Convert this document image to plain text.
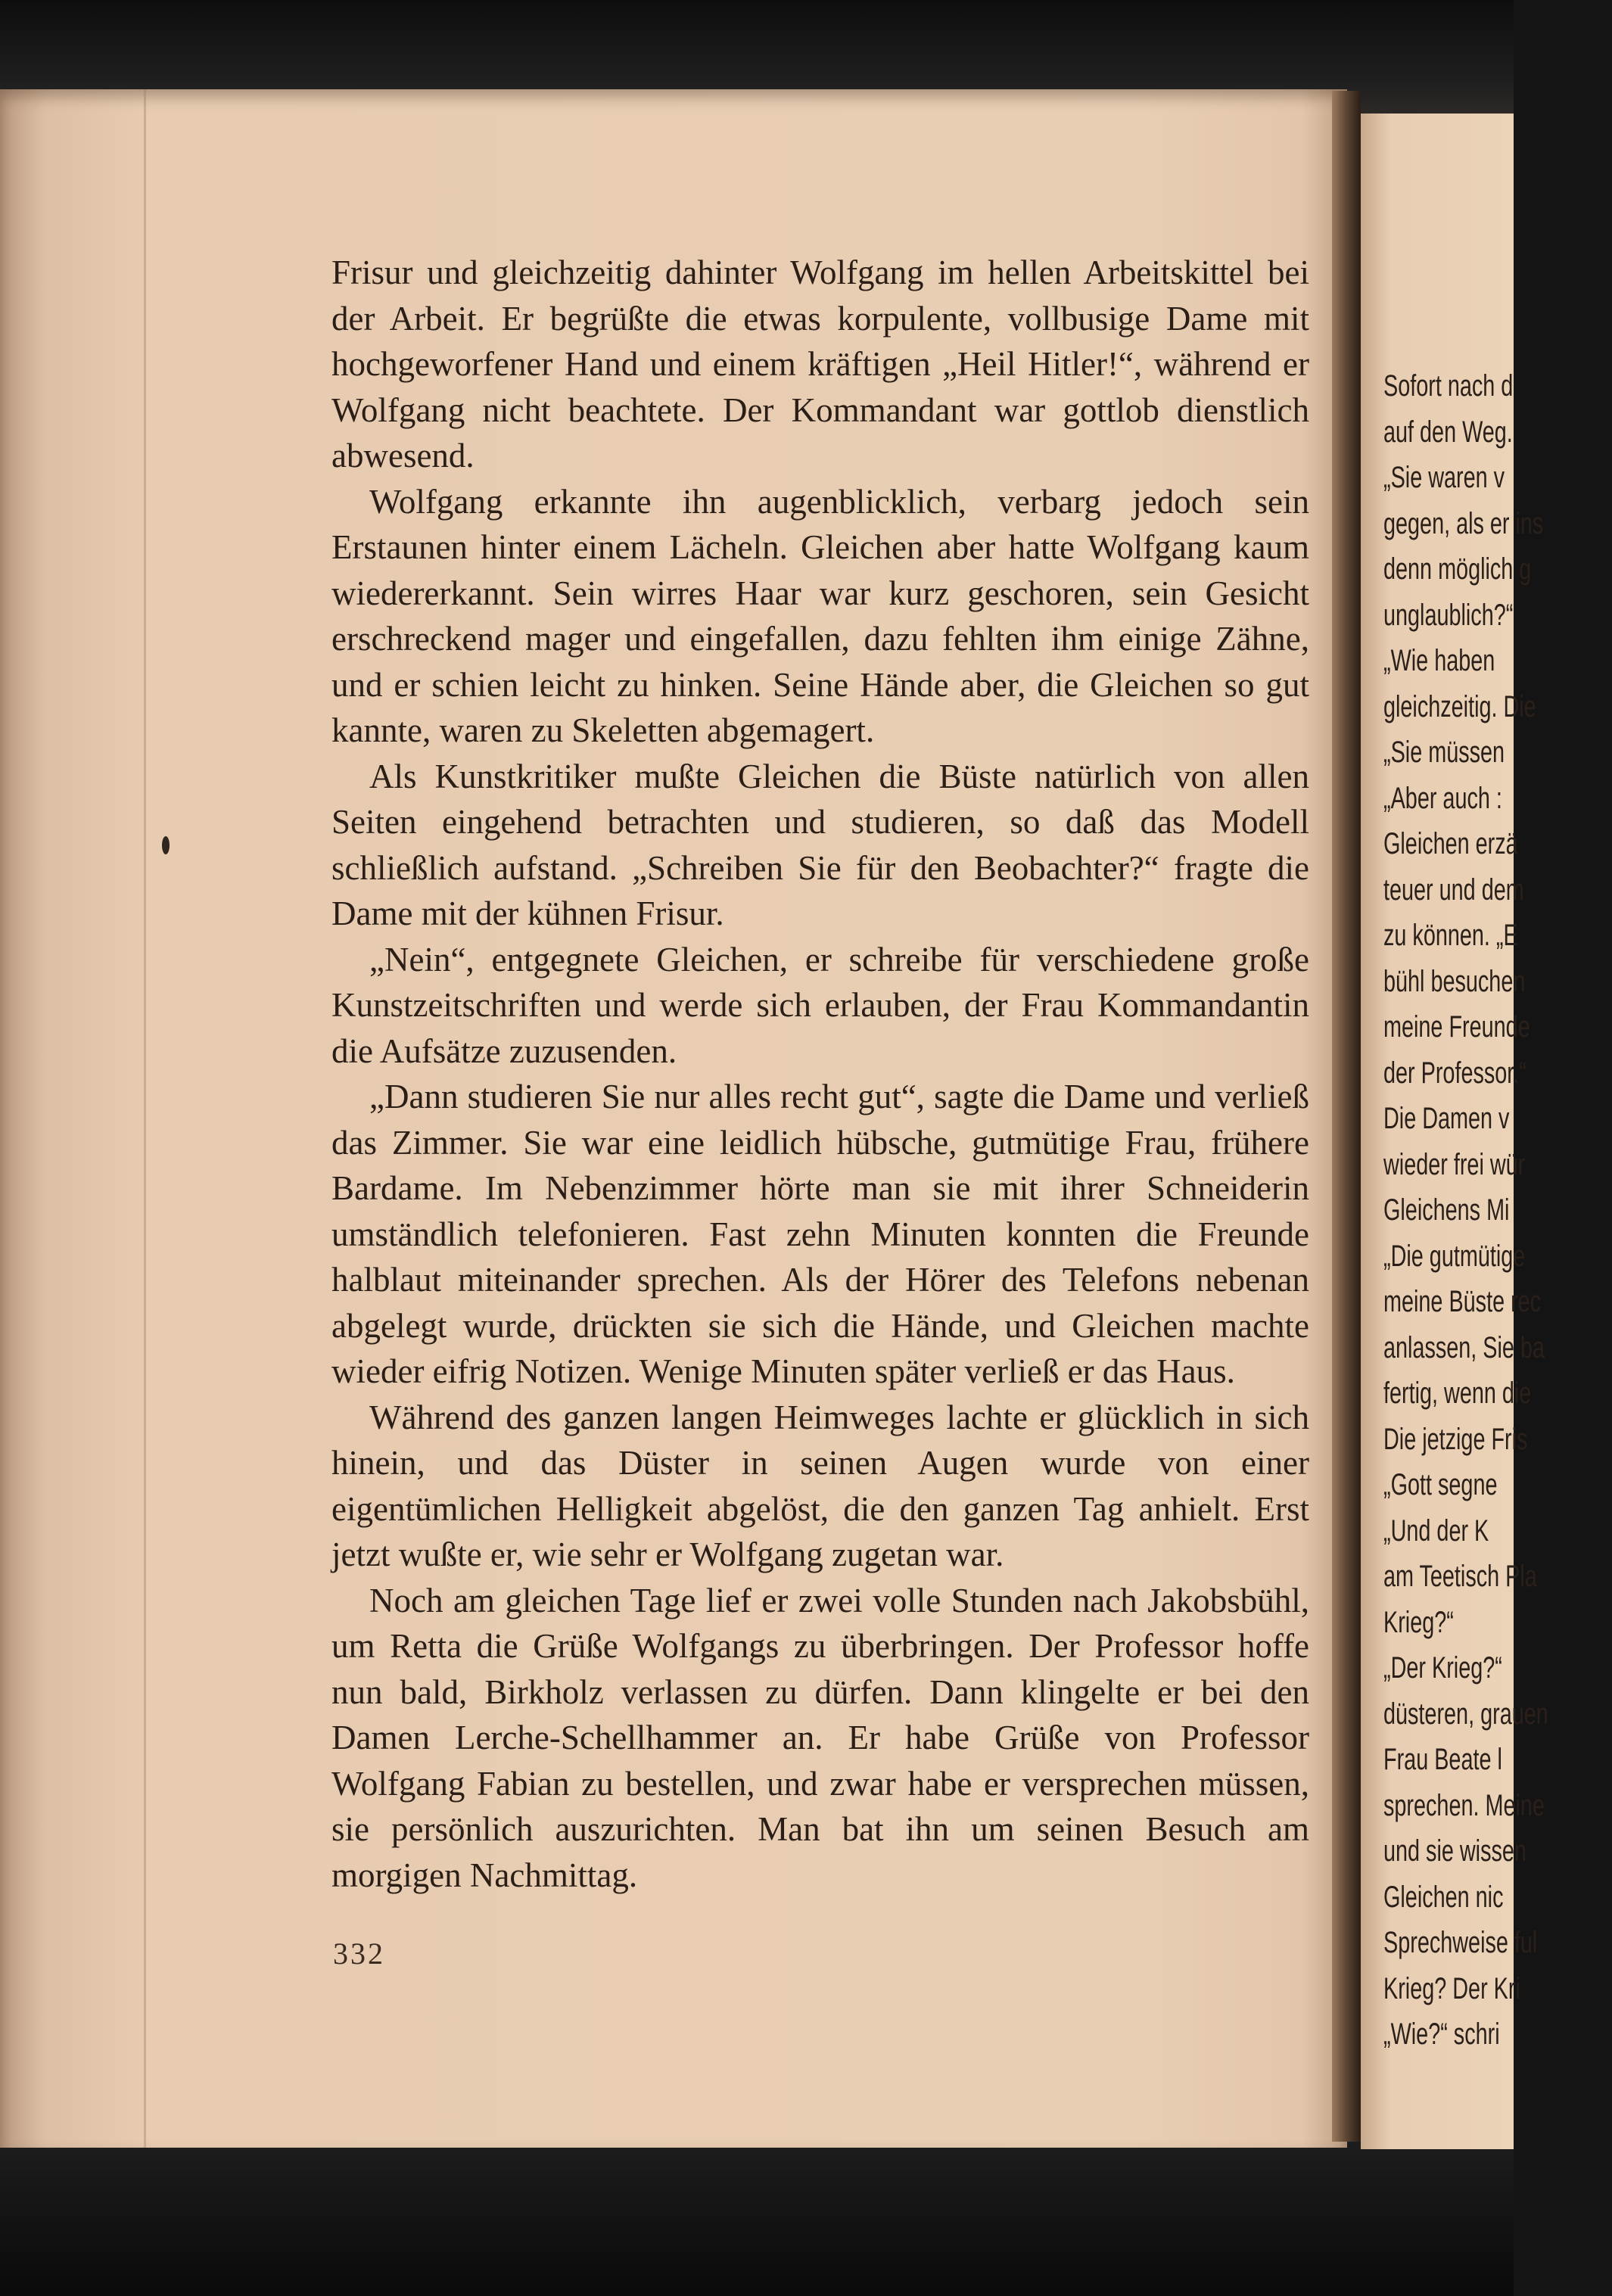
Sofort nach d
auf den Weg.
„Sie waren v
gegen, als er ins
denn möglich g
unglaublich?“
„Wie haben
gleichzeitig. Die
„Sie müssen
„Aber auch :
Gleichen erzä
teuer und dem
zu können. „E
bühl besuchen
meine Freunde
der Professor.“
Die Damen v
wieder frei wür
Gleichens Mi
„Die gutmütige
meine Büste rec
anlassen, Sie ba
fertig, wenn die
Die jetzige Fris
„Gott segne
„Und der K
am Teetisch Pla
Krieg?“
„Der Krieg?“
düsteren, grauen
Frau Beate l
sprechen. Meine
und sie wissen
Gleichen nic
Sprechweise ful
Krieg? Der Kri
„Wie?“ schri

Frisur und gleichzeitig dahinter Wolfgang im hellen Arbeitskittel bei der Arbeit. Er begrüßte die etwas korpulente, vollbusige Dame mit hochgeworfener Hand und einem kräftigen „Heil Hitler!“, während er Wolfgang nicht beachtete. Der Kommandant war gottlob dienstlich abwesend.

Wolfgang erkannte ihn augenblicklich, verbarg jedoch sein Erstaunen hinter einem Lächeln. Gleichen aber hatte Wolfgang kaum wiedererkannt. Sein wirres Haar war kurz geschoren, sein Gesicht erschreckend mager und eingefallen, dazu fehlten ihm einige Zähne, und er schien leicht zu hinken. Seine Hände aber, die Gleichen so gut kannte, waren zu Skeletten abgemagert.

Als Kunstkritiker mußte Gleichen die Büste natürlich von allen Seiten eingehend betrachten und studieren, so daß das Modell schließlich aufstand. „Schreiben Sie für den Beobachter?“ fragte die Dame mit der kühnen Frisur.

„Nein“, entgegnete Gleichen, er schreibe für verschiedene große Kunstzeitschriften und werde sich erlauben, der Frau Kommandantin die Aufsätze zuzusenden.

„Dann studieren Sie nur alles recht gut“, sagte die Dame und verließ das Zimmer. Sie war eine leidlich hübsche, gutmütige Frau, frühere Bardame. Im Nebenzimmer hörte man sie mit ihrer Schneiderin umständlich telefonieren. Fast zehn Minuten konnten die Freunde halblaut miteinander sprechen. Als der Hörer des Telefons nebenan abgelegt wurde, drückten sie sich die Hände, und Gleichen machte wieder eifrig Notizen. Wenige Minuten später verließ er das Haus.

Während des ganzen langen Heimweges lachte er glücklich in sich hinein, und das Düster in seinen Augen wurde von einer eigentümlichen Helligkeit abgelöst, die den ganzen Tag anhielt. Erst jetzt wußte er, wie sehr er Wolfgang zugetan war.

Noch am gleichen Tage lief er zwei volle Stunden nach Jakobsbühl, um Retta die Grüße Wolfgangs zu überbringen. Der Professor hoffe nun bald, Birkholz verlassen zu dürfen. Dann klingelte er bei den Damen Lerche-Schellhammer an. Er habe Grüße von Professor Wolfgang Fabian zu bestellen, und zwar habe er versprechen müssen, sie persönlich auszurichten. Man bat ihn um seinen Besuch am morgigen Nachmittag.

332
